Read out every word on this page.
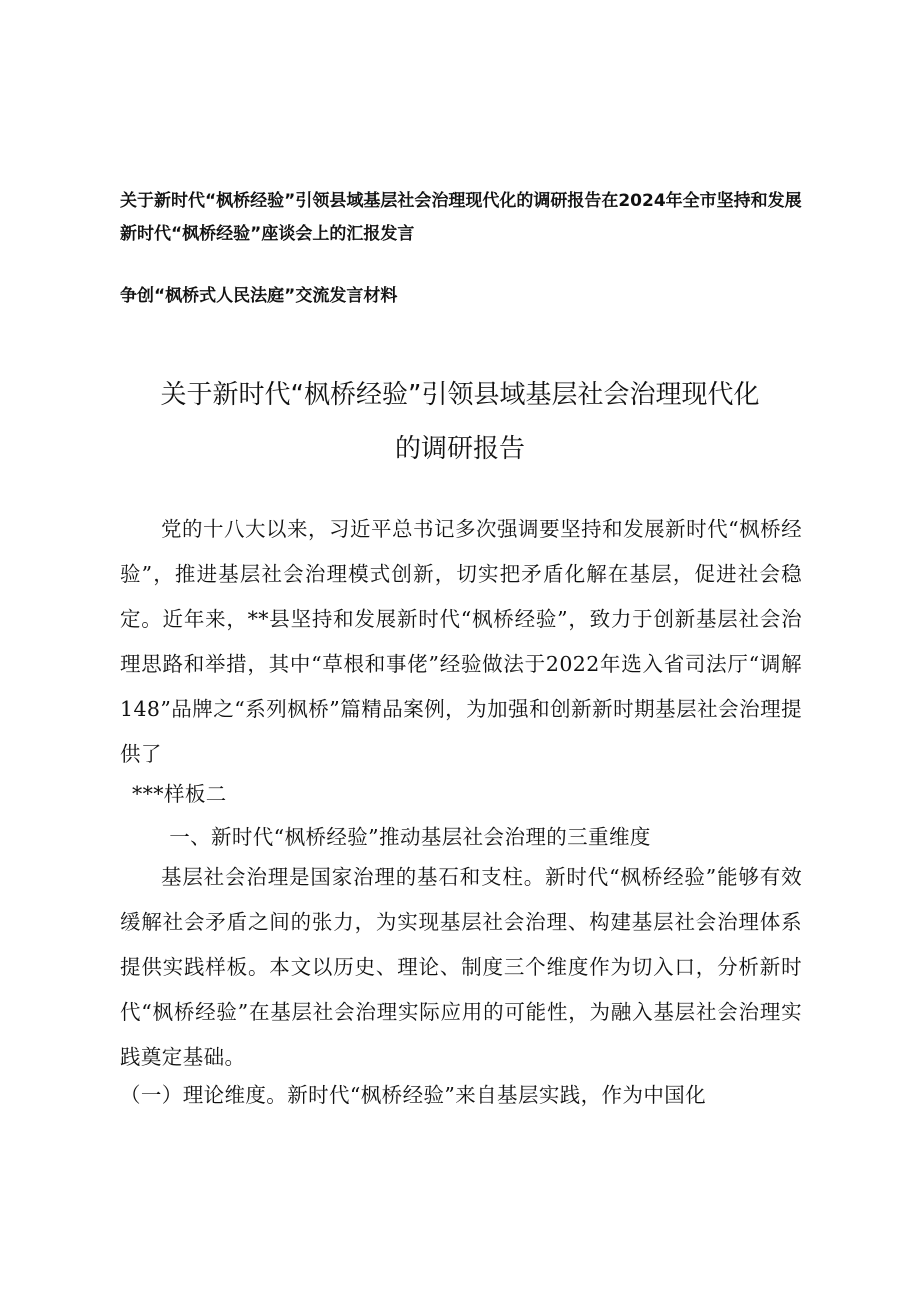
关于新时代“枫桥经验”引领县域基层社会治理现代化的调研报告在2024年全市坚持和发展新时代“枫桥经验”座谈会上的汇报发言
争创“枫桥式人民法庭”交流发言材料
关于新时代“枫桥经验”引领县域基层社会治理现代化
的调研报告
党的十八大以来，习近平总书记多次强调要坚持和发展新时代“枫桥经验”，推进基层社会治理模式创新，切实把矛盾化解在基层，促进社会稳定。近年来，**县坚持和发展新时代“枫桥经验”，致力于创新基层社会治理思路和举措，其中“草根和事佬”经验做法于2022年选入省司法厅“调解148”品牌之“系列枫桥”篇精品案例，为加强和创新新时期基层社会治理提供了
***样板二
一、新时代“枫桥经验”推动基层社会治理的三重维度
基层社会治理是国家治理的基石和支柱。新时代“枫桥经验”能够有效缓解社会矛盾之间的张力，为实现基层社会治理、构建基层社会治理体系提供实践样板。本文以历史、理论、制度三个维度作为切入口，分析新时代“枫桥经验”在基层社会治理实际应用的可能性，为融入基层社会治理实践奠定基础。
（一）理论维度。新时代“枫桥经验”来自基层实践，作为中国化
